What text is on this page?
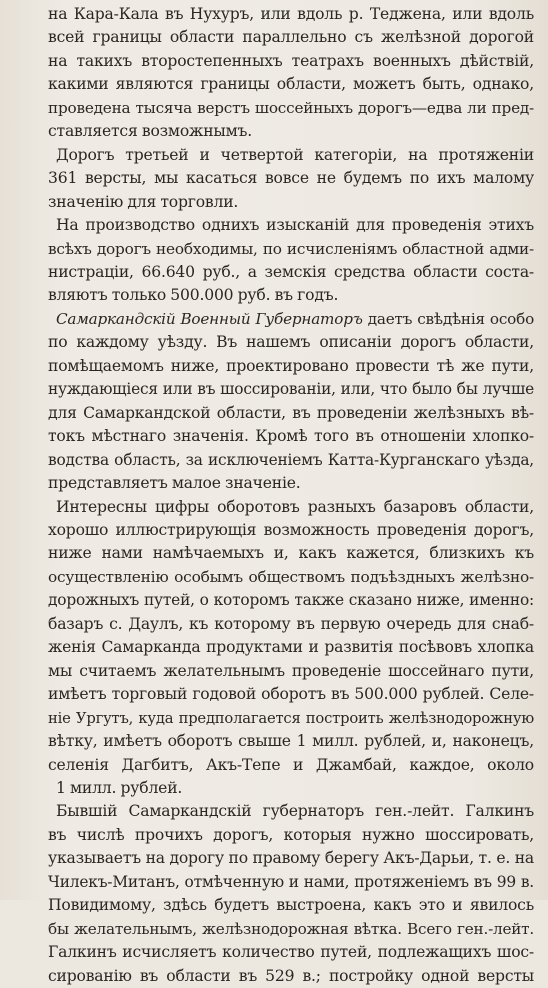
на Кара-Кала въ Нухуръ, или вдоль р. Теджена, или вдоль
всей границы области параллельно съ желѣзной дорогой
на такихъ второстепенныхъ театрахъ военныхъ дѣйствій,
какими являются границы области, можетъ быть, однако,
проведена тысяча верстъ шоссейныхъ дорогъ—едва ли пред-
ставляется возможнымъ.

Дорогъ третьей и четвертой категоріи, на протяженіи
361 версты, мы касаться вовсе не будемъ по ихъ малому
значенію для торговли.

На производство одниxъ изысканій для проведенія этихъ
всѣхъ дорогъ необходимы, по исчисленіямъ областной адми-
нистраціи, 66.640 руб., а земскія средства области соста-
вляютъ только 500.000 руб. въ годъ.

Самаркандскій Военный Губернаторъ даетъ свѣдѣнія особо
по каждому уѣзду. Въ нашемъ описаніи дорогъ области,
помѣщаемомъ ниже, проектировано провести тѣ же пути,
нуждающіеся или въ шоссированіи, или, что было бы лучше
для Самаркандской области, въ проведеніи желѣзныхъ вѣ-
токъ мѣстнаго значенія. Кромѣ того въ отношеніи хлопко-
водства область, за исключеніемъ Катта-Курганскаго уѣзда,
представляетъ малое значеніе.

Интересны цифры оборотовъ разныхъ базаровъ области,
хорошо иллюстрирующія возможность проведенія дорогъ,
ниже нами намѣчаемыхъ и, какъ кажется, близкихъ къ
осуществленію особымъ обществомъ подъѣздныхъ желѣзно-
дорожныхъ путей, о которомъ также сказано ниже, именно:
базаръ с. Даулъ, къ которому въ первую очередь для снаб-
женія Самарканда продуктами и развитія посѣвовъ хлопка
мы считаемъ желательнымъ проведеніе шоссейнаго пути,
имѣетъ торговый годовой оборотъ въ 500.000 рублей. Селе-
ніе Ургутъ, куда предполагается построить желѣзнодорожную
вѣтку, имѣетъ оборотъ свыше 1 милл. рублей, и, наконецъ,
селенія Дагбитъ, Акъ-Тепе и Джамбай, каждое, около
1 милл. рублей.

Бывшій Самаркандскій губернаторъ ген.-лейт. Галкинъ
въ числѣ прочихъ дорогъ, которыя нужно шоссировать,
указываетъ на дорогу по правому берегу Акъ-Дарьи, т. е. на
Чилекъ-Митанъ, отмѣченную и нами, протяженіемъ въ 99 в.
Повидимому, здѣсь будетъ выстроена, какъ это и явилось
бы желательнымъ, желѣзнодорожная вѣтка. Всего ген.-лейт.
Галкинъ исчисляетъ количество путей, подлежащихъ шос-
сированію въ области въ 529 в.; постройку одной версты
